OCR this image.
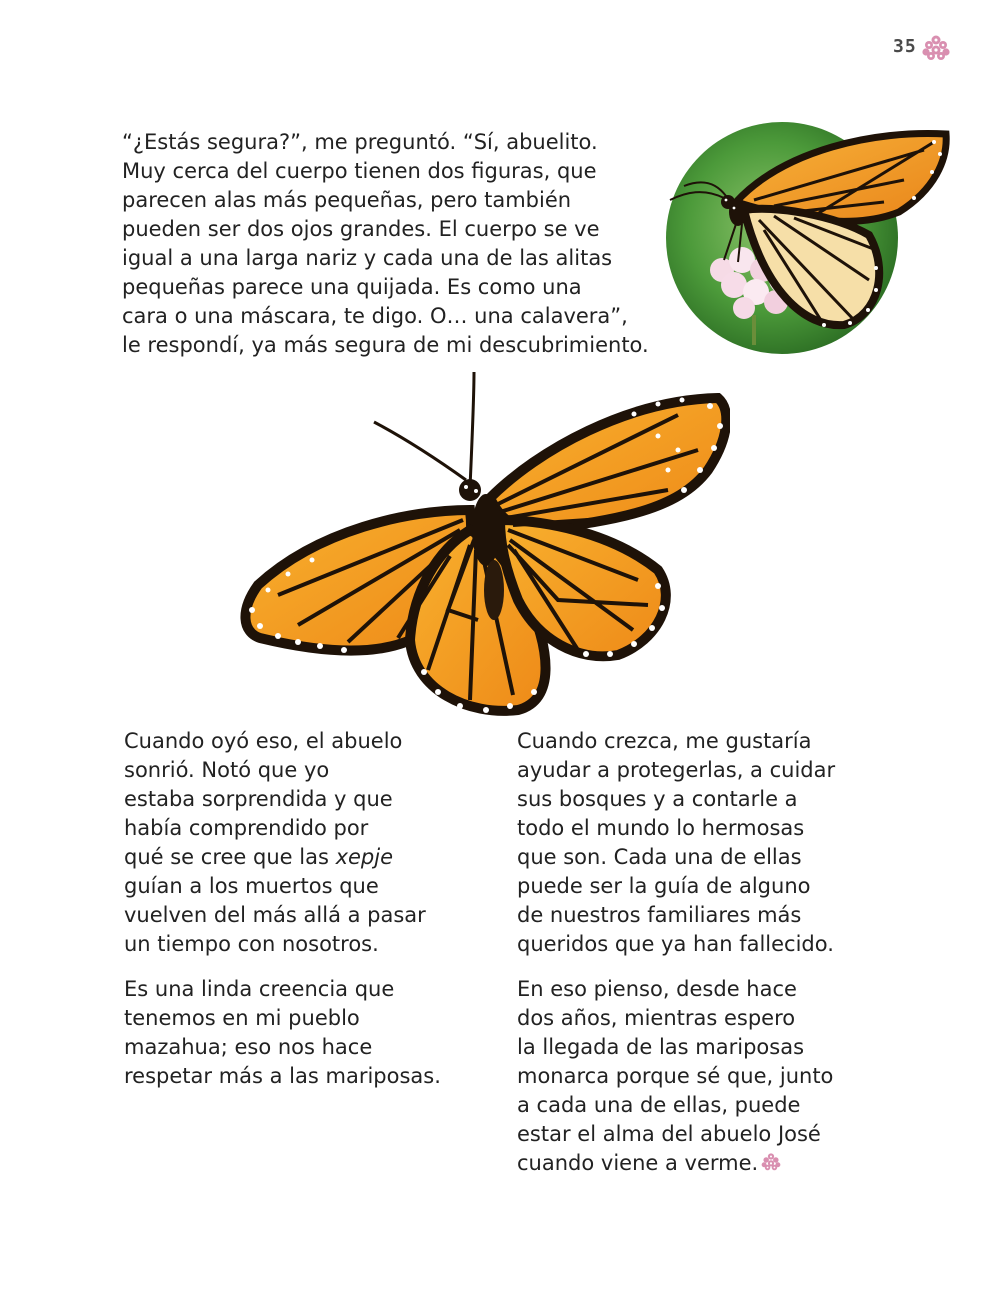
35

“¿Estás segura?”, me preguntó. “Sí, abuelito.
Muy cerca del cuerpo tienen dos figuras, que
parecen alas más pequeñas, pero también
pueden ser dos ojos grandes. El cuerpo se ve
igual a una larga nariz y cada una de las alitas
pequeñas parece una quijada. Es como una
cara o una máscara, te digo. O… una calavera”,
le respondí, ya más segura de mi descubrimiento.

Cuando oyó eso, el abuelo
sonrió. Notó que yo
estaba sorprendida y que
había comprendido por
qué se cree que las xepje
guían a los muertos que
vuelven del más allá a pasar
un tiempo con nosotros.

Es una linda creencia que
tenemos en mi pueblo
mazahua; eso nos hace
respetar más a las mariposas.

Cuando crezca, me gustaría
ayudar a protegerlas, a cuidar
sus bosques y a contarle a
todo el mundo lo hermosas
que son. Cada una de ellas
puede ser la guía de alguno
de nuestros familiares más
queridos que ya han fallecido.

En eso pienso, desde hace
dos años, mientras espero
la llegada de las mariposas
monarca porque sé que, junto
a cada una de ellas, puede
estar el alma del abuelo José
cuando viene a verme.
